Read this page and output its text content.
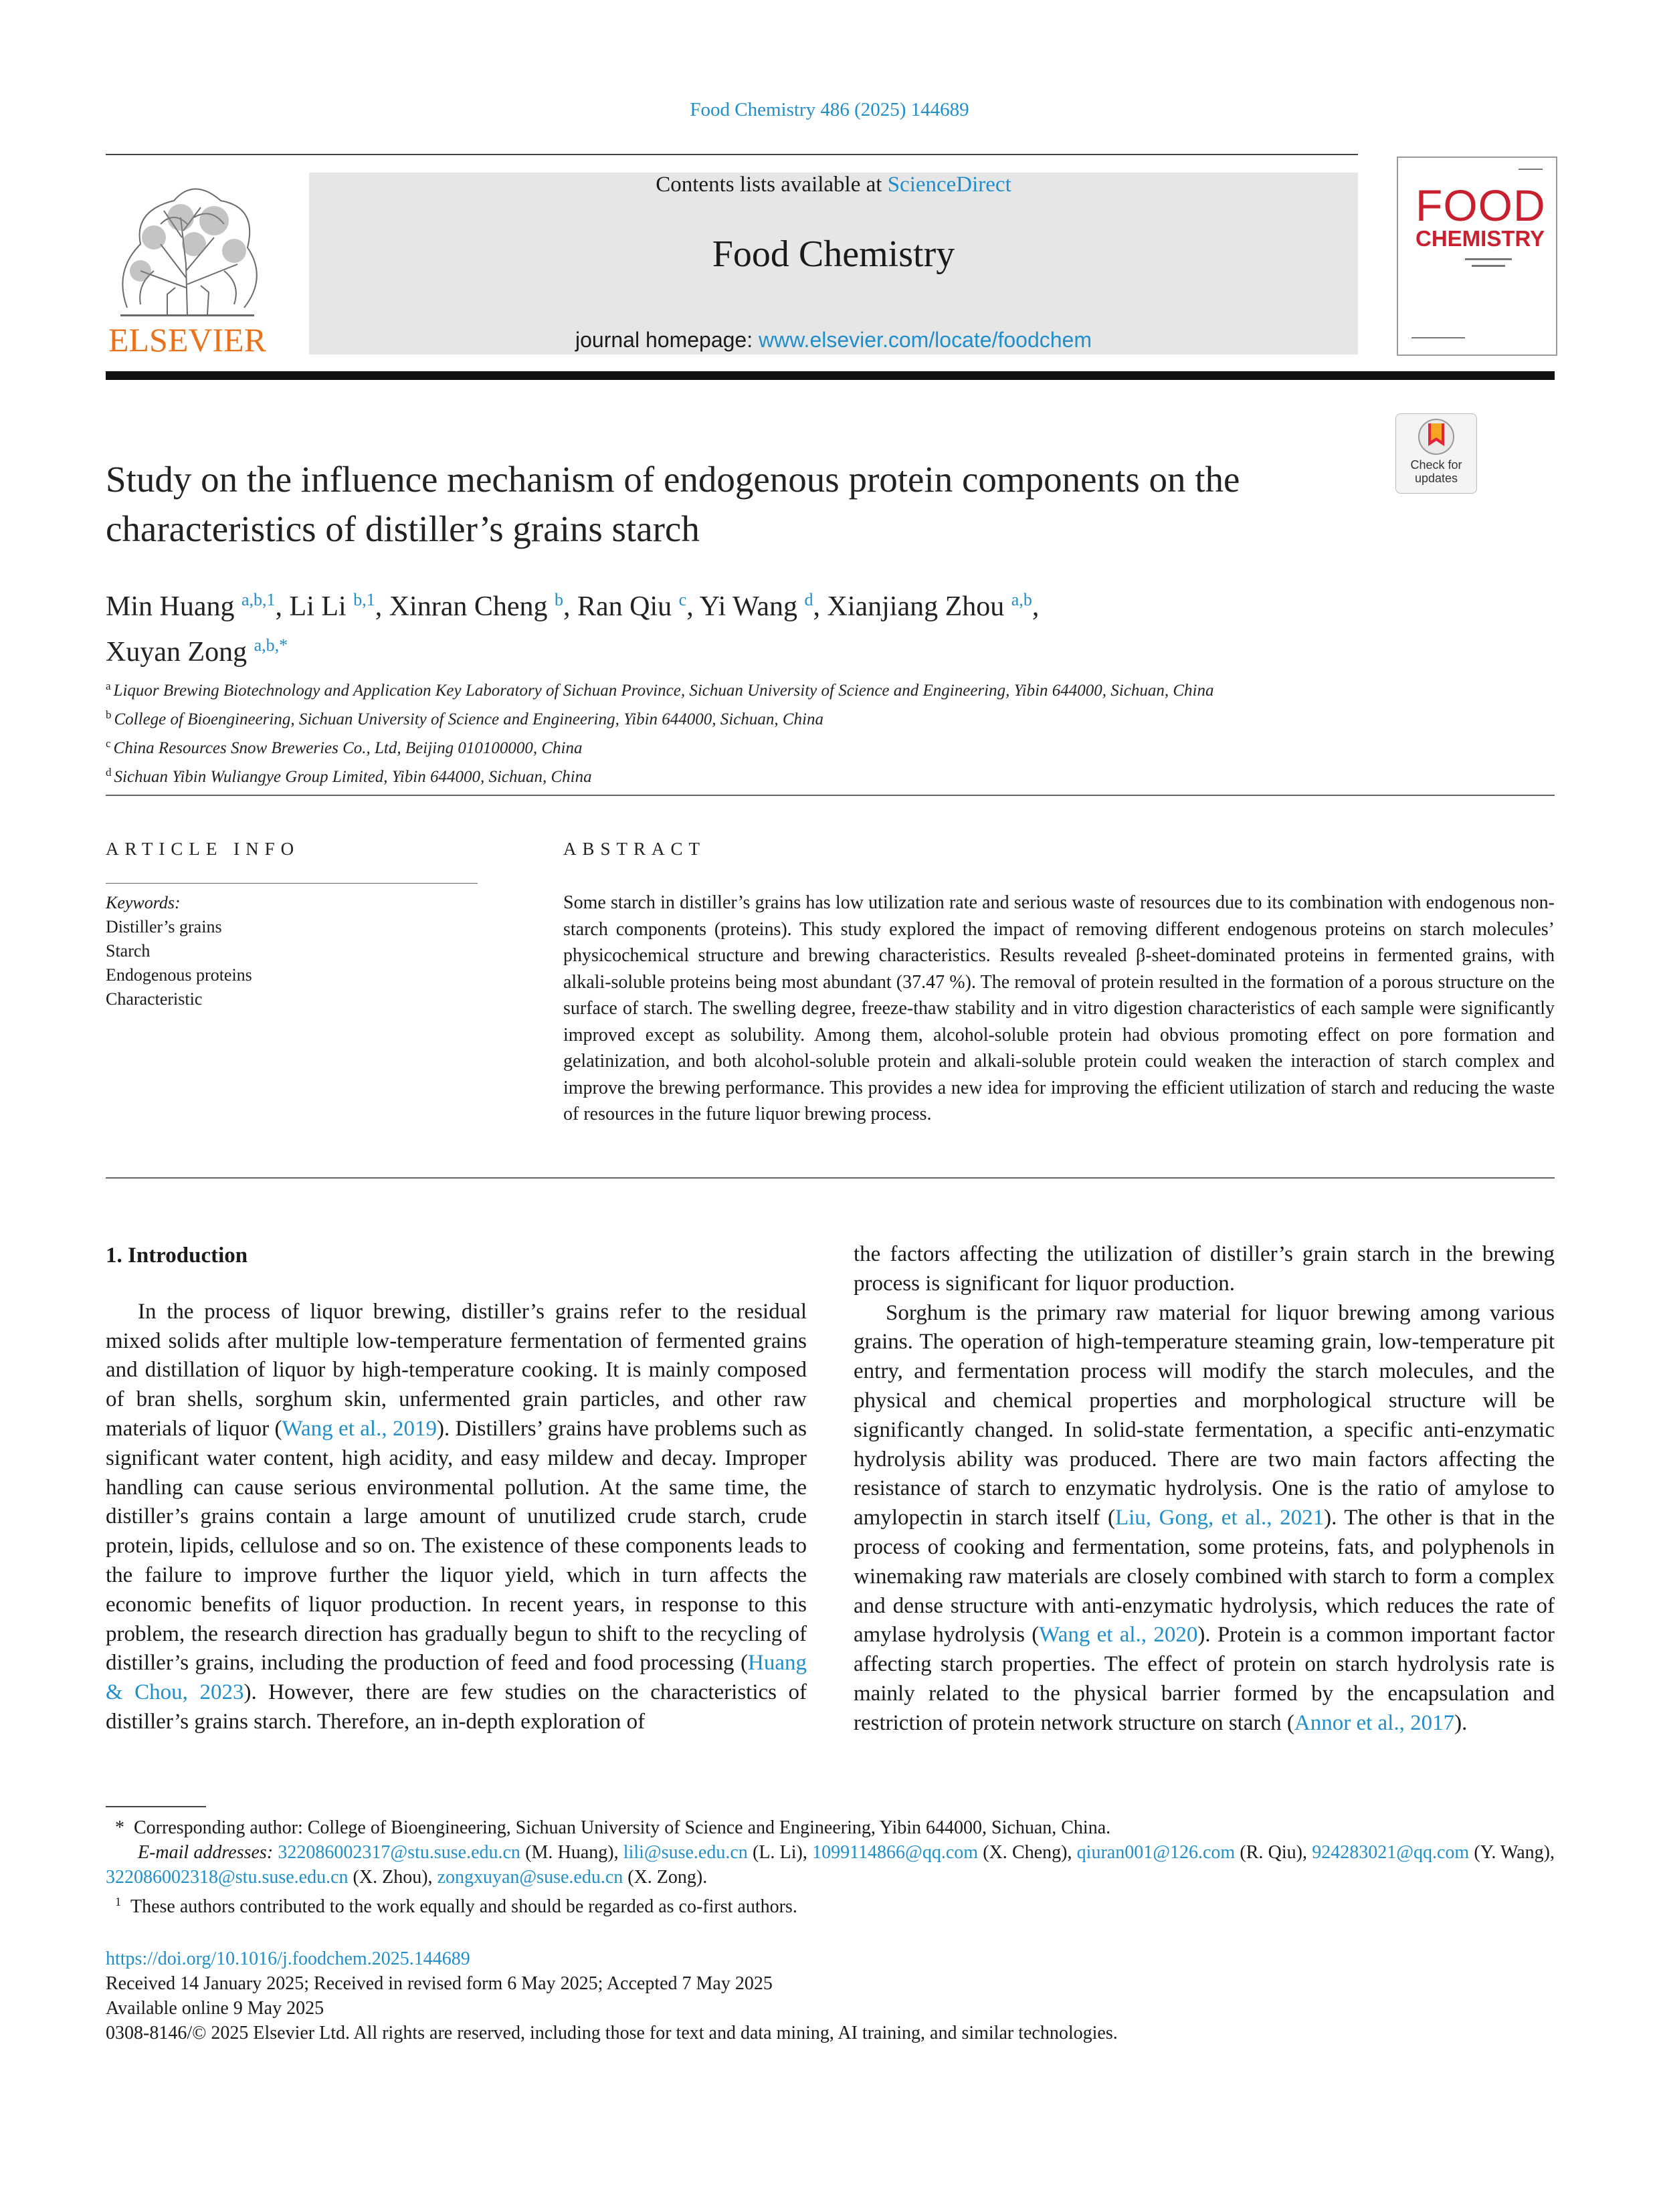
Food Chemistry 486 (2025) 144689
ELSEVIER
Contents lists available at ScienceDirect
Food Chemistry
journal homepage: www.elsevier.com/locate/foodchem
FOOD
CHEMISTRY
Check for updates
Study on the influence mechanism of endogenous protein components on the characteristics of distiller’s grains starch
Min Huang $^{a,b,1}$, Li Li $^{b,1}$, Xinran Cheng $^b$, Ran Qiu $^c$, Yi Wang $^d$, Xianjiang Zhou $^{a,b}$,
Xuyan Zong $^{a,b,*}$
$^a$ Liquor Brewing Biotechnology and Application Key Laboratory of Sichuan Province, Sichuan University of Science and Engineering, Yibin 644000, Sichuan, China
$^b$ College of Bioengineering, Sichuan University of Science and Engineering, Yibin 644000, Sichuan, China
$^c$ China Resources Snow Breweries Co., Ltd, Beijing 010100000, China
$^d$ Sichuan Yibin Wuliangye Group Limited, Yibin 644000, Sichuan, China
ARTICLE INFO	ABSTRACT
Keywords:
Distiller’s grains
Starch
Endogenous proteins
Characteristic
Some starch in distiller’s grains has low utilization rate and serious waste of resources due to its combination with endogenous non-starch components (proteins). This study explored the impact of removing different endogenous proteins on starch molecules’ physicochemical structure and brewing characteristics. Results revealed β-sheet-dominated proteins in fermented grains, with alkali-soluble proteins being most abundant (37.47 %). The removal of protein resulted in the formation of a porous structure on the surface of starch. The swelling degree, freeze-thaw stability and in vitro digestion characteristics of each sample were significantly improved except as solubility. Among them, alcohol-soluble protein had obvious promoting effect on pore formation and gelatinization, and both alcohol-soluble protein and alkali-soluble protein could weaken the interaction of starch complex and improve the brewing performance. This provides a new idea for improving the efficient utilization of starch and reducing the waste of resources in the future liquor brewing process.
1. Introduction

In the process of liquor brewing, distiller’s grains refer to the residual mixed solids after multiple low-temperature fermentation of fermented grains and distillation of liquor by high-temperature cooking. It is mainly composed of bran shells, sorghum skin, unfermented grain particles, and other raw materials of liquor (Wang et al., 2019). Distillers’ grains have problems such as significant water content, high acidity, and easy mildew and decay. Improper handling can cause serious environmental pollution. At the same time, the distiller’s grains contain a large amount of unutilized crude starch, crude protein, lipids, cellulose and so on. The existence of these components leads to the failure to improve further the liquor yield, which in turn affects the economic benefits of liquor production. In recent years, in response to this problem, the research direction has gradually begun to shift to the recycling of distiller’s grains, including the production of feed and food processing (Huang & Chou, 2023). However, there are few studies on the characteristics of distiller’s grains starch. Therefore, an in-depth exploration of

the factors affecting the utilization of distiller’s grain starch in the brewing process is significant for liquor production.

Sorghum is the primary raw material for liquor brewing among various grains. The operation of high-temperature steaming grain, low-temperature pit entry, and fermentation process will modify the starch molecules, and the physical and chemical properties and morphological structure will be significantly changed. In solid-state fermentation, a specific anti-enzymatic hydrolysis ability was produced. There are two main factors affecting the resistance of starch to enzymatic hydrolysis. One is the ratio of amylose to amylopectin in starch itself (Liu, Gong, et al., 2021). The other is that in the process of cooking and fermentation, some proteins, fats, and polyphenols in winemaking raw materials are closely combined with starch to form a complex and dense structure with anti-enzymatic hydrolysis, which reduces the rate of amylase hydrolysis (Wang et al., 2020). Protein is a common important factor affecting starch properties. The effect of protein on starch hydrolysis rate is mainly related to the physical barrier formed by the encapsulation and restriction of protein network structure on starch (Annor et al., 2017).

* Corresponding author: College of Bioengineering, Sichuan University of Science and Engineering, Yibin 644000, Sichuan, China.

E-mail addresses: 322086002317@stu.suse.edu.cn (M. Huang), lili@suse.edu.cn (L. Li), 1099114866@qq.com (X. Cheng), qiuran001@126.com (R. Qiu), 924283021@qq.com (Y. Wang), 322086002318@stu.suse.edu.cn (X. Zhou), zongxuyan@suse.edu.cn (X. Zong).

$^1$ These authors contributed to the work equally and should be regarded as co-first authors.

https://doi.org/10.1016/j.foodchem.2025.144689

Received 14 January 2025; Received in revised form 6 May 2025; Accepted 7 May 2025

Available online 9 May 2025

0308-8146/© 2025 Elsevier Ltd. All rights are reserved, including those for text and data mining, AI training, and similar technologies.
